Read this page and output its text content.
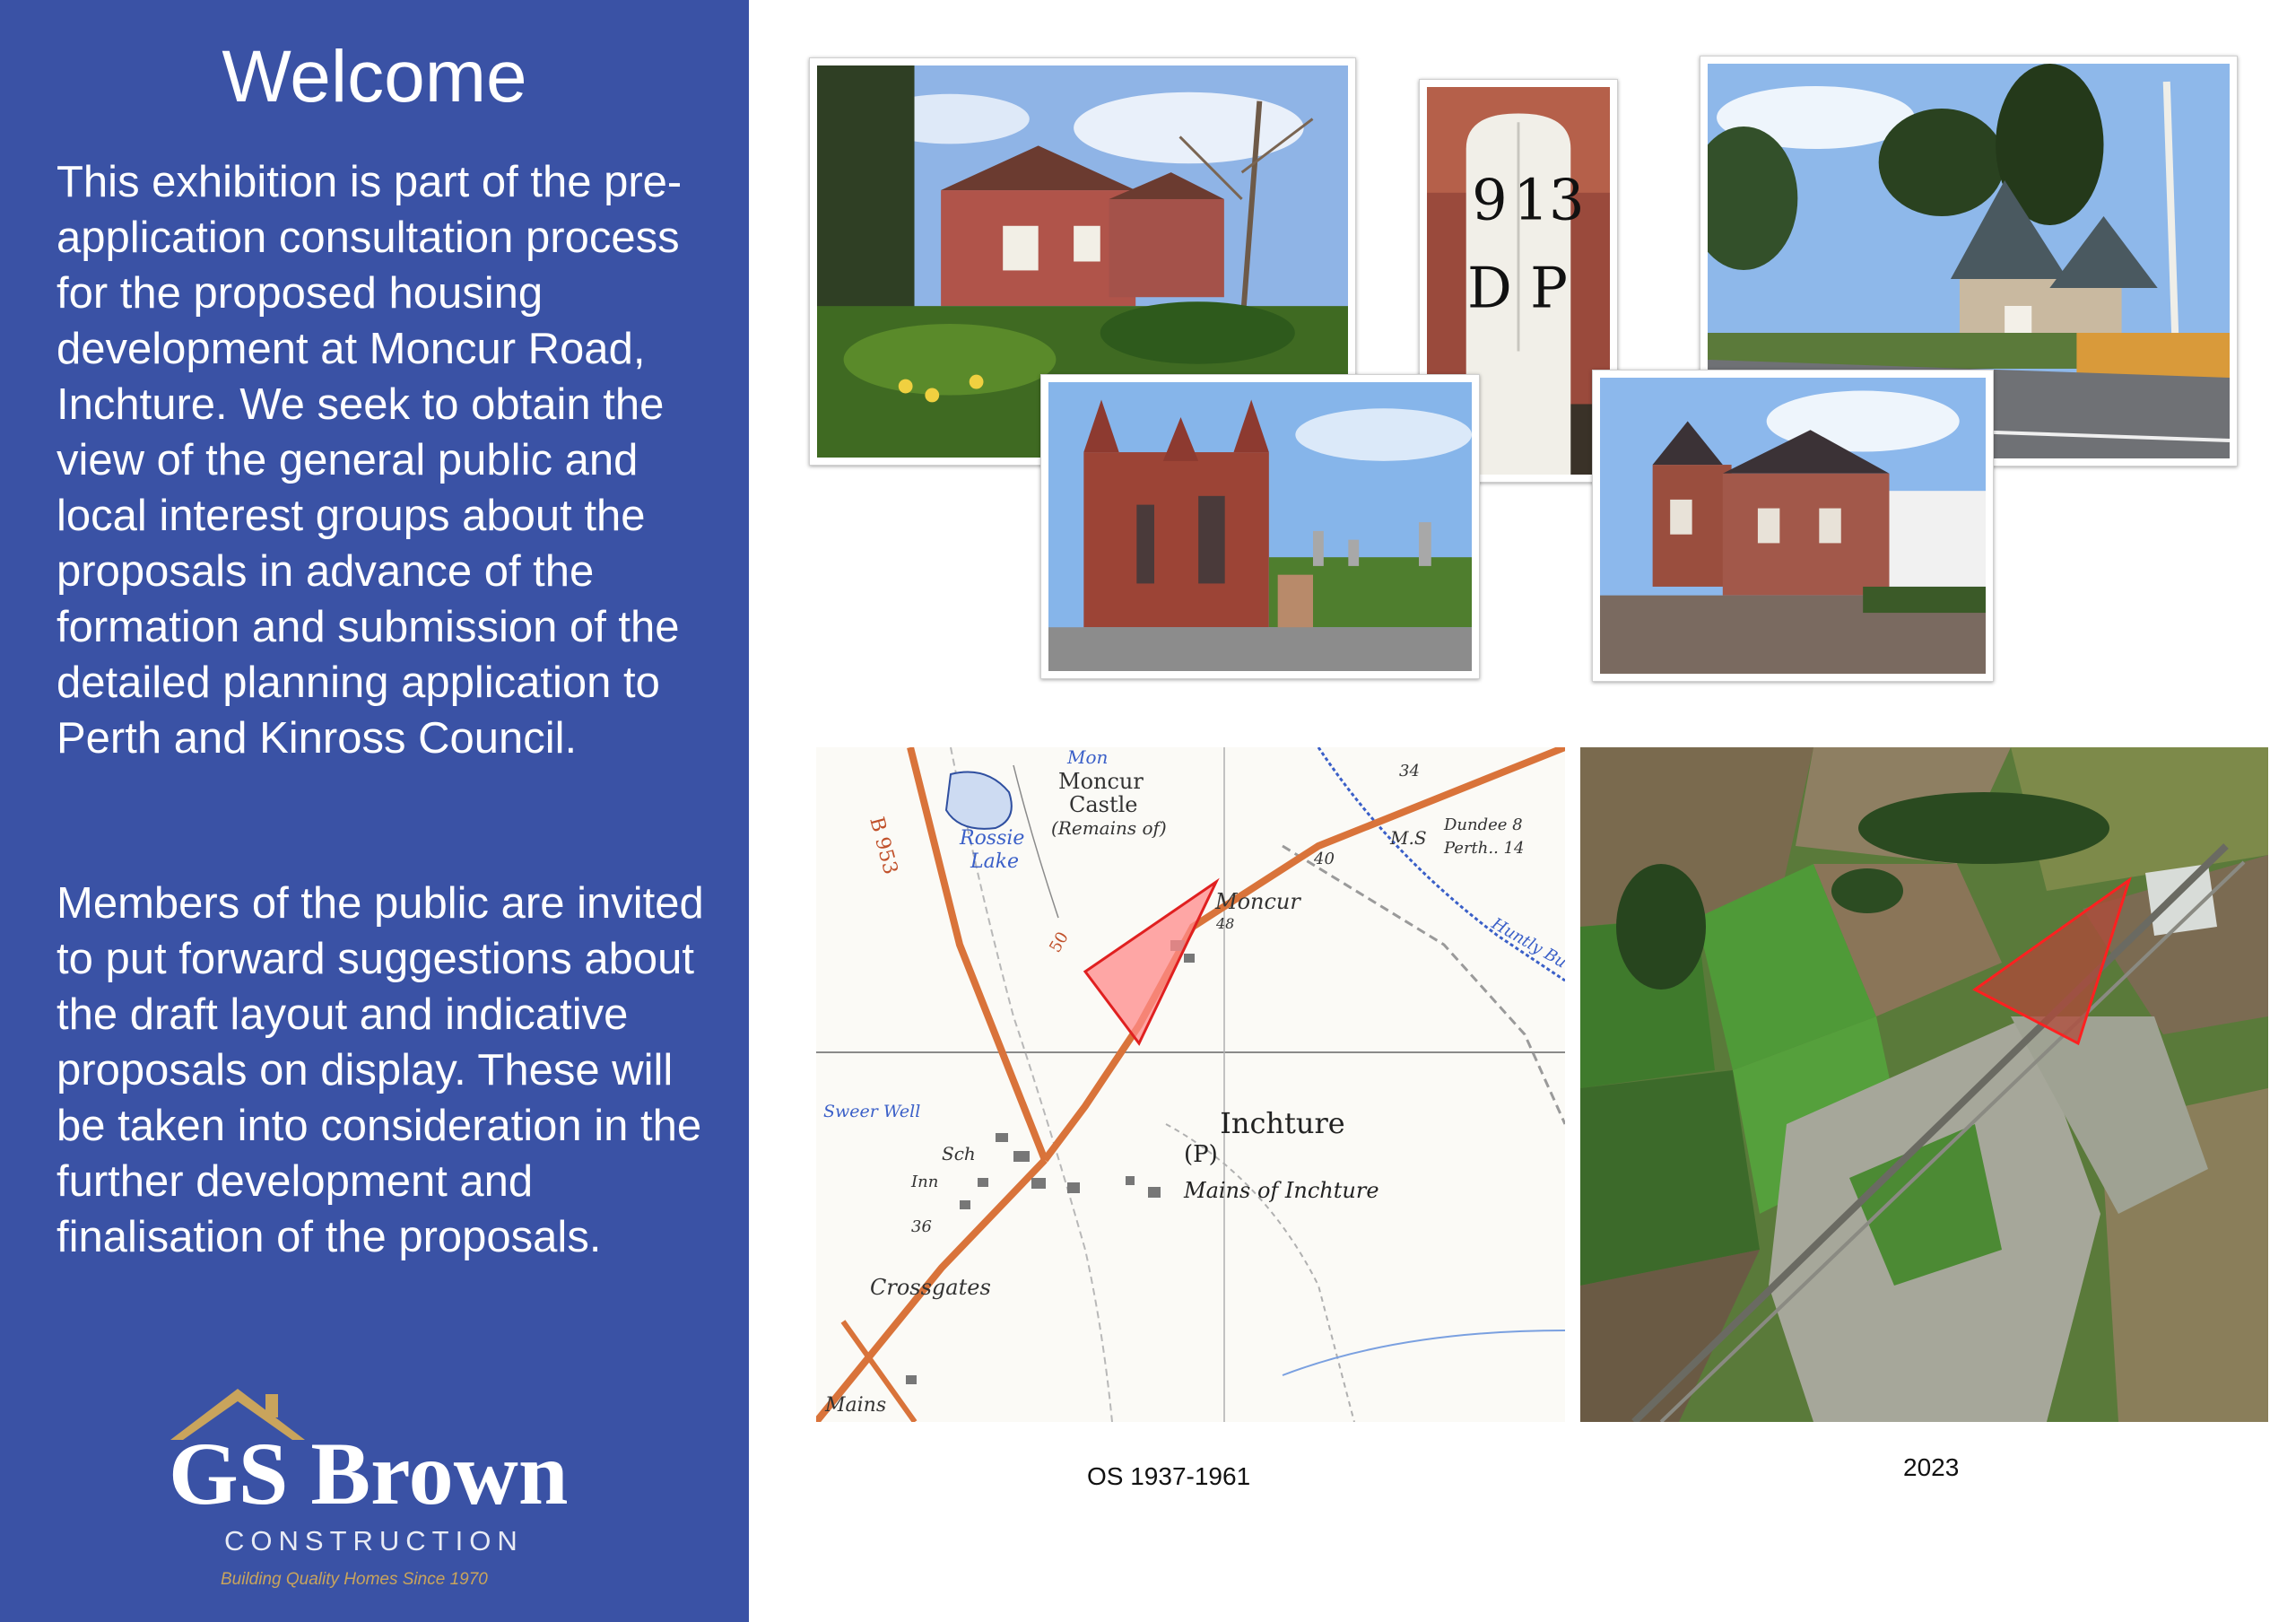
Welcome

This exhibition is part of the pre-application consultation process for the proposed housing development at Moncur Road, Inchture. We seek to obtain the view of the general public and local interest groups about the proposals in advance of the formation and submission of the detailed planning application to Perth and Kinross Council.

Members of the public are invited to put forward suggestions about the draft layout and indicative proposals on display. These will be taken into consideration in the further development and finalisation of the proposals.

GS Brown
CONSTRUCTION
Building Quality Homes Since 1970
9
D
13
P
B 953
Moncur
Castle
(Remains of)
Rossie
Lake
Mon
M.S
Dundee 8
Perth.. 14
Moncur
Huntly Bu
Inchture
(P)
Mains of Inchture
Sweer Well
Sch
Inn
Crossgates
Mains
40
48
50
36
34
OS 1937-1961	2023
